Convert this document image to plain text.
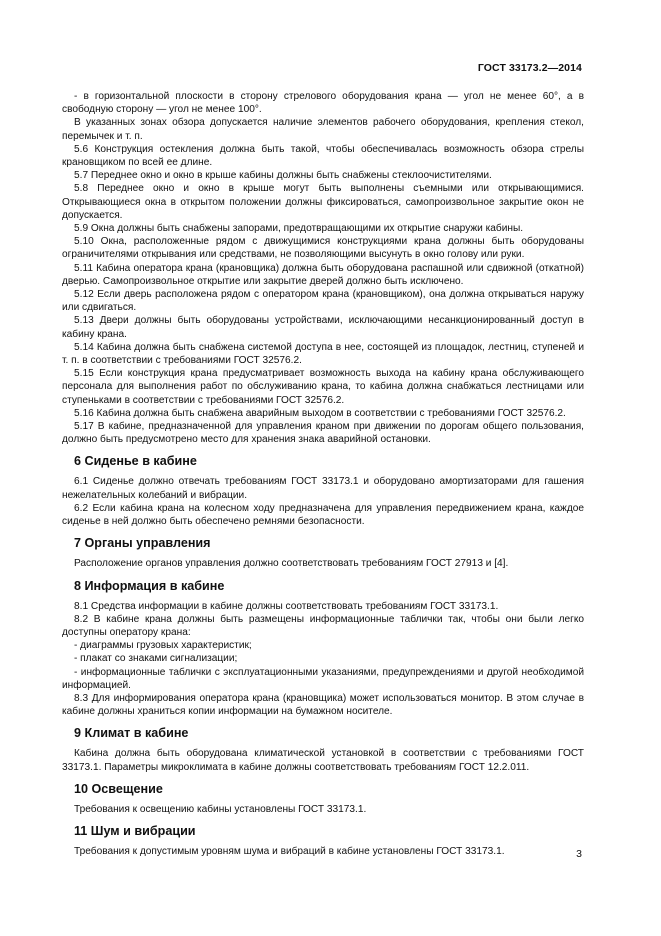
ГОСТ 33173.2—2014

- в горизонтальной плоскости в сторону стрелового оборудования крана — угол не менее 60°, а в свободную сторону — угол не менее 100°.

В указанных зонах обзора допускается наличие элементов рабочего оборудования, крепления стекол, перемычек и т. п.

5.6 Конструкция остекления должна быть такой, чтобы обеспечивалась возможность обзора стрелы крановщиком по всей ее длине.

5.7 Переднее окно и окно в крыше кабины должны быть снабжены стеклоочистителями.

5.8 Переднее окно и окно в крыше могут быть выполнены съемными или открывающимися. Открывающиеся окна в открытом положении должны фиксироваться, самопроизвольное закрытие окон не допускается.

5.9 Окна должны быть снабжены запорами, предотвращающими их открытие снаружи кабины.

5.10 Окна, расположенные рядом с движущимися конструкциями крана должны быть оборудованы ограничителями открывания или средствами, не позволяющими высунуть в окно голову или руки.

5.11 Кабина оператора крана (крановщика) должна быть оборудована распашной или сдвижной (откатной) дверью. Самопроизвольное открытие или закрытие дверей должно быть исключено.

5.12 Если дверь расположена рядом с оператором крана (крановщиком), она должна открываться наружу или сдвигаться.

5.13 Двери должны быть оборудованы устройствами, исключающими несанкционированный доступ в кабину крана.

5.14 Кабина должна быть снабжена системой доступа в нее, состоящей из площадок, лестниц, ступеней и т. п. в соответствии с требованиями ГОСТ 32576.2.

5.15 Если конструкция крана предусматривает возможность выхода на кабину крана обслуживающего персонала для выполнения работ по обслуживанию крана, то кабина должна снабжаться лестницами или ступеньками в соответствии с требованиями ГОСТ 32576.2.

5.16 Кабина должна быть снабжена аварийным выходом в соответствии с требованиями ГОСТ 32576.2.

5.17 В кабине, предназначенной для управления краном при движении по дорогам общего пользования, должно быть предусмотрено место для хранения знака аварийной остановки.

6 Сиденье в кабине

6.1 Сиденье должно отвечать требованиям ГОСТ 33173.1 и оборудовано амортизаторами для гашения нежелательных колебаний и вибрации.

6.2 Если кабина крана на колесном ходу предназначена для управления передвижением крана, каждое сиденье в ней должно быть обеспечено ремнями безопасности.

7 Органы управления

Расположение органов управления должно соответствовать требованиям ГОСТ 27913 и [4].

8 Информация в кабине

8.1 Средства информации в кабине должны соответствовать требованиям ГОСТ 33173.1.

8.2 В кабине крана должны быть размещены информационные таблички так, чтобы они были легко доступны оператору крана:

- диаграммы грузовых характеристик;

- плакат со знаками сигнализации;

- информационные таблички с эксплуатационными указаниями, предупреждениями и другой необходимой информацией.

8.3 Для информирования оператора крана (крановщика) может использоваться монитор. В этом случае в кабине должны храниться копии информации на бумажном носителе.

9 Климат в кабине

Кабина должна быть оборудована климатической установкой в соответствии с требованиями ГОСТ 33173.1. Параметры микроклимата в кабине должны соответствовать требованиям ГОСТ 12.2.011.

10 Освещение

Требования к освещению кабины установлены ГОСТ 33173.1.

11 Шум и вибрации

Требования к допустимым уровням шума и вибраций в кабине установлены ГОСТ 33173.1.	3
